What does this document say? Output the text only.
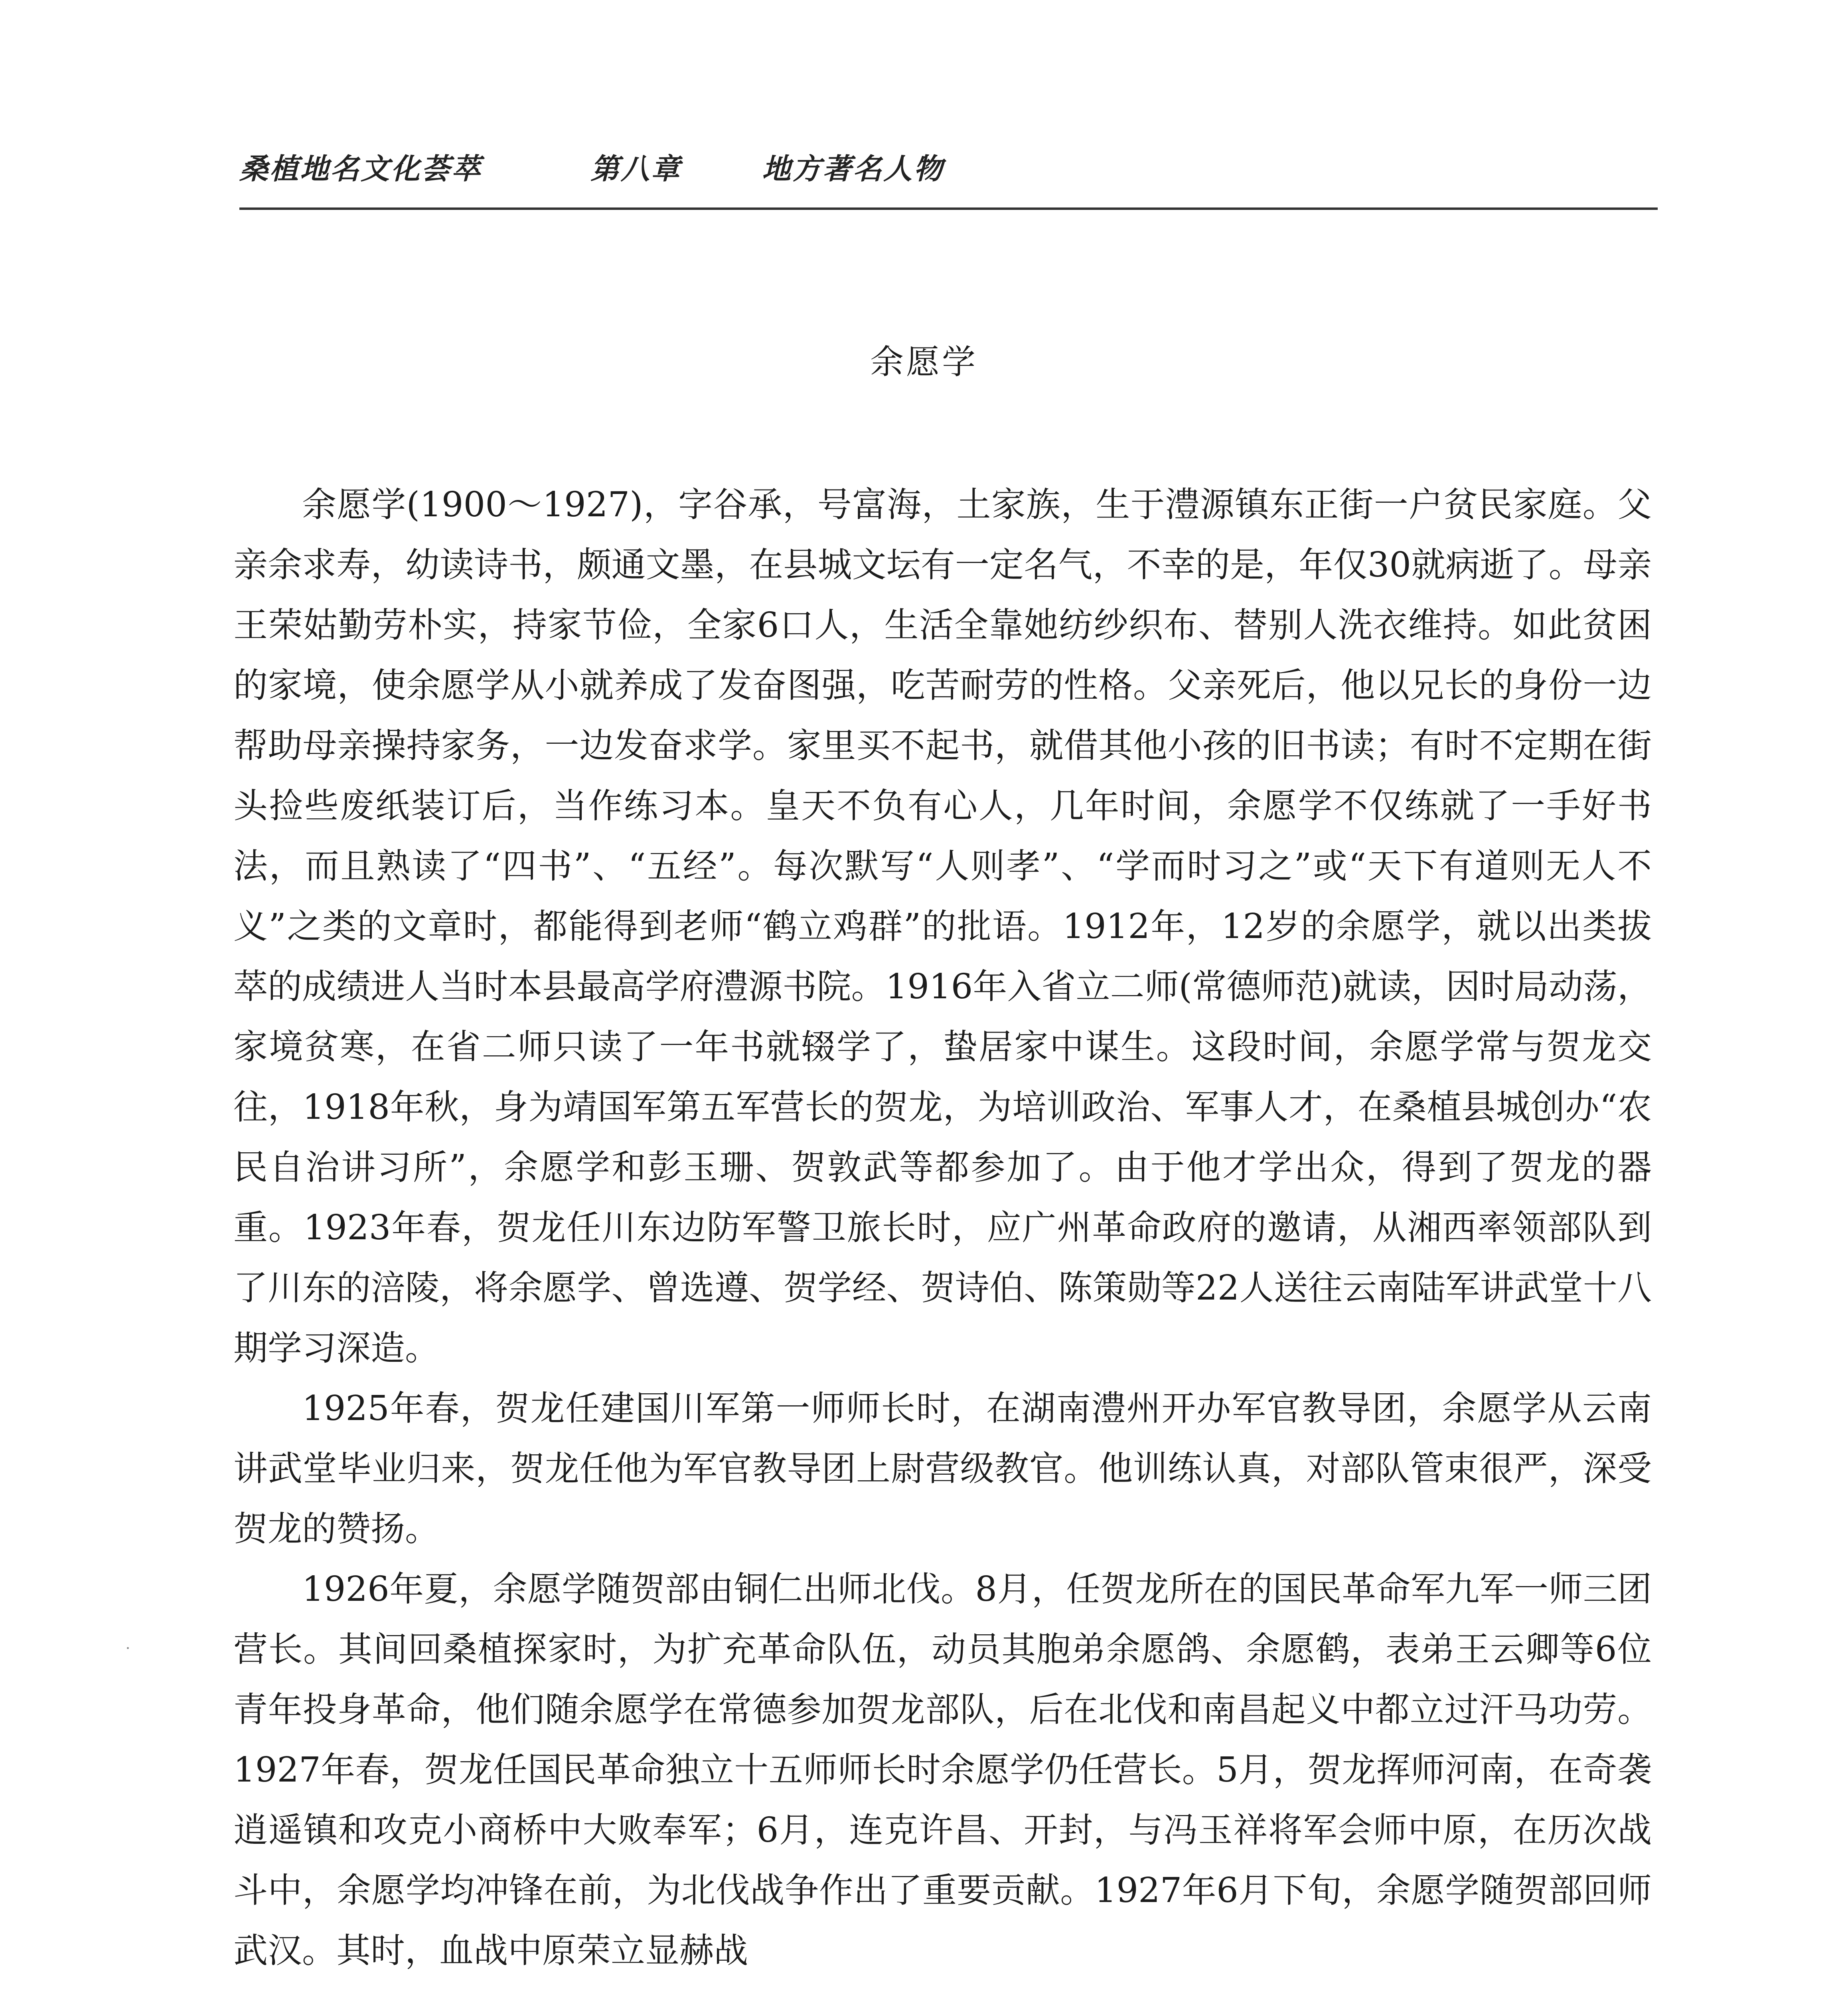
桑植地名文化荟萃	第八章	地方著名人物
余愿学

余愿学(1900～1927)，字谷承，号富海，土家族，生于澧源镇东正街一户贫民家庭。父亲余求寿，幼读诗书，颇通文墨，在县城文坛有一定名气，不幸的是，年仅30就病逝了。母亲王荣姑勤劳朴实，持家节俭，全家6口人，生活全靠她纺纱织布、替别人洗衣维持。如此贫困的家境，使余愿学从小就养成了发奋图强，吃苦耐劳的性格。父亲死后，他以兄长的身份一边帮助母亲操持家务，一边发奋求学。家里买不起书，就借其他小孩的旧书读；有时不定期在街头捡些废纸装订后，当作练习本。皇天不负有心人，几年时间，余愿学不仅练就了一手好书法，而且熟读了“四书”、“五经”。每次默写“人则孝”、“学而时习之”或“天下有道则无人不义”之类的文章时，都能得到老师“鹤立鸡群”的批语。1912年，12岁的余愿学，就以出类拔萃的成绩进人当时本县最高学府澧源书院。1916年入省立二师(常德师范)就读，因时局动荡，家境贫寒，在省二师只读了一年书就辍学了，蛰居家中谋生。这段时间，余愿学常与贺龙交往，1918年秋，身为靖国军第五军营长的贺龙，为培训政治、军事人才，在桑植县城创办“农民自治讲习所”，余愿学和彭玉珊、贺敦武等都参加了。由于他才学出众，得到了贺龙的器重。1923年春，贺龙任川东边防军警卫旅长时，应广州革命政府的邀请，从湘西率领部队到了川东的涪陵，将余愿学、曾选遵、贺学经、贺诗伯、陈策勋等22人送往云南陆军讲武堂十八期学习深造。

1925年春，贺龙任建国川军第一师师长时，在湖南澧州开办军官教导团，余愿学从云南讲武堂毕业归来，贺龙任他为军官教导团上尉营级教官。他训练认真，对部队管束很严，深受贺龙的赞扬。

1926年夏，余愿学随贺部由铜仁出师北伐。8月，任贺龙所在的国民革命军九军一师三团营长。其间回桑植探家时，为扩充革命队伍，动员其胞弟余愿鸽、余愿鹤，表弟王云卿等6位青年投身革命，他们随余愿学在常德参加贺龙部队，后在北伐和南昌起义中都立过汗马功劳。1927年春，贺龙任国民革命独立十五师师长时余愿学仍任营长。5月，贺龙挥师河南，在奇袭逍遥镇和攻克小商桥中大败奉军；6月，连克许昌、开封，与冯玉祥将军会师中原，在历次战斗中，余愿学均冲锋在前，为北伐战争作出了重要贡献。1927年6月下旬，余愿学随贺部回师武汉。其时，血战中原荣立显赫战
